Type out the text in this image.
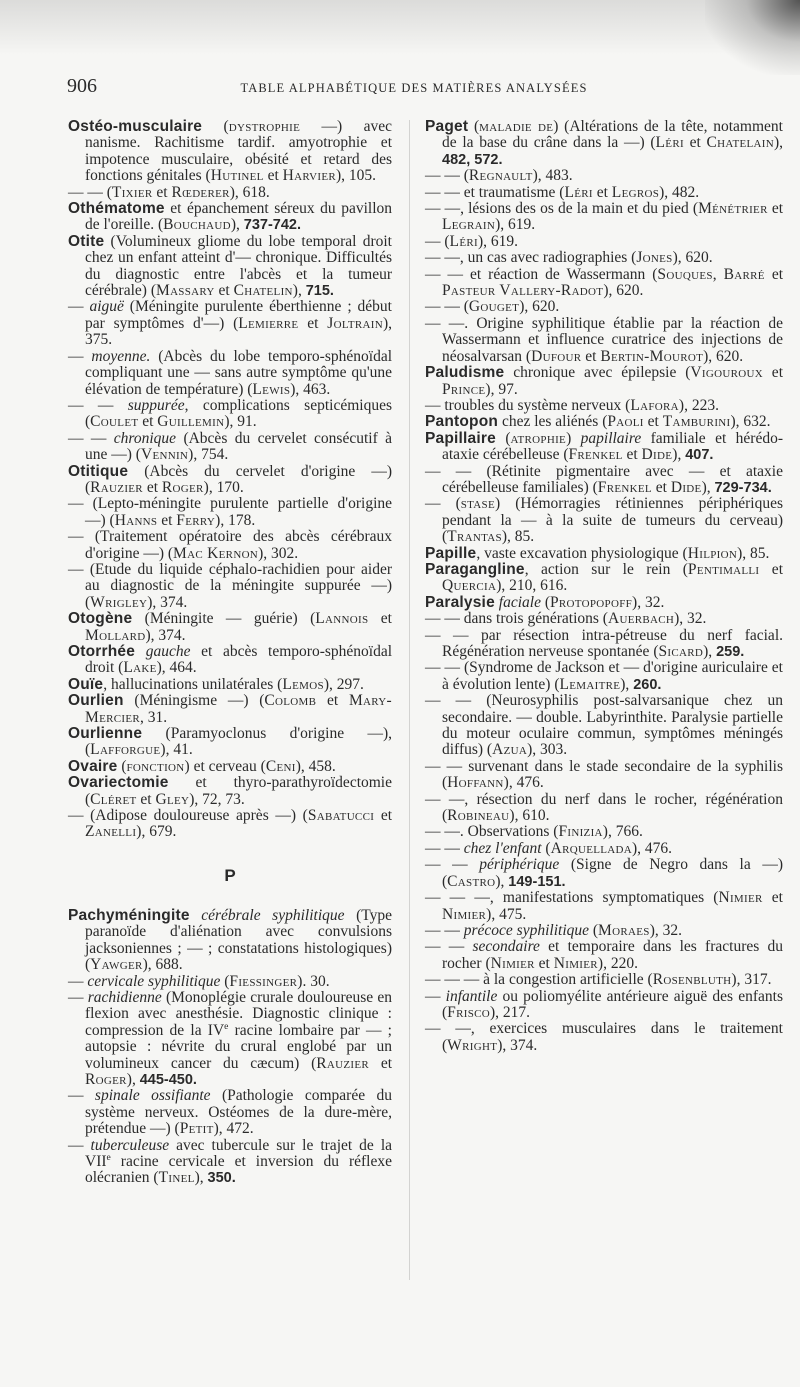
906	TABLE ALPHABÉTIQUE DES MATIÈRES ANALYSÉES
Ostéo-musculaire (dystrophie —) avec nanisme. Rachitisme tardif. amyotrophie et impotence musculaire, obésité et retard des fonctions génitales (Hutinel et Harvier), 105.
— — (Tixier et Rœderer), 618.
Othématome et épanchement séreux du pavillon de l'oreille. (Bouchaud), 737-742.
Otite (Volumineux gliome du lobe temporal droit chez un enfant atteint d'— chronique. Difficultés du diagnostic entre l'abcès et la tumeur cérébrale) (Massary et Chatelin), 715.
— aiguë (Méningite purulente éberthienne ; début par symptômes d'—) (Lemierre et Joltrain), 375.
— moyenne. (Abcès du lobe temporo-sphénoïdal compliquant une — sans autre symptôme qu'une élévation de température) (Lewis), 463.
— — suppurée, complications septicémiques (Coulet et Guillemin), 91.
— — chronique (Abcès du cervelet consécutif à une —) (Vennin), 754.
Otitique (Abcès du cervelet d'origine —) (Rauzier et Roger), 170.
— (Lepto-méningite purulente partielle d'origine —) (Hanns et Ferry), 178.
— (Traitement opératoire des abcès cérébraux d'origine —) (Mac Kernon), 302.
— (Etude du liquide céphalo-rachidien pour aider au diagnostic de la méningite suppurée —) (Wrigley), 374.
Otogène (Méningite — guérie) (Lannois et Mollard), 374.
Otorrhée gauche et abcès temporo-sphénoïdal droit (Lake), 464.
Ouïe, hallucinations unilatérales (Lemos), 297.
Ourlien (Méningisme —) (Colomb et Mary-Mercier, 31.
Ourlienne (Paramyoclonus d'origine —), (Lafforgue), 41.
Ovaire (fonction) et cerveau (Ceni), 458.
Ovariectomie et thyro-parathyroïdectomie (Cléret et Gley), 72, 73.
— (Adipose douloureuse après —) (Sabatucci et Zanelli), 679.
P
Pachyméningite cérébrale syphilitique (Type paranoïde d'aliénation avec convulsions jacksoniennes ; — ; constatations histologiques) (Yawger), 688.
— cervicale syphilitique (Fiessinger). 30.
— rachidienne (Monoplégie crurale douloureuse en flexion avec anesthésie. Diagnostic clinique : compression de la IVe racine lombaire par — ; autopsie : névrite du crural englobé par un volumineux cancer du cæcum) (Rauzier et Roger), 445-450.
— spinale ossifiante (Pathologie comparée du système nerveux. Ostéomes de la dure-mère, prétendue —) (Petit), 472.
— tuberculeuse avec tubercule sur le trajet de la VIIe racine cervicale et inversion du réflexe olécranien (Tinel), 350.
Paget (maladie de) (Altérations de la tête, notamment de la base du crâne dans la —) (Léri et Chatelain), 482, 572.
— — (Regnault), 483.
— — et traumatisme (Léri et Legros), 482.
— —, lésions des os de la main et du pied (Ménétrier et Legrain), 619.
— (Léri), 619.
— —, un cas avec radiographies (Jones), 620.
— — et réaction de Wassermann (Souques, Barré et Pasteur Vallery-Radot), 620.
— — (Gouget), 620.
— —. Origine syphilitique établie par la réaction de Wassermann et influence curatrice des injections de néosalvarsan (Dufour et Bertin-Mourot), 620.
Paludisme chronique avec épilepsie (Vigouroux et Prince), 97.
— troubles du système nerveux (Lafora), 223.
Pantopon chez les aliénés (Paoli et Tamburini), 632.
Papillaire (atrophie) papillaire familiale et hérédo-ataxie cérébelleuse (Frenkel et Dide), 407.
— — (Rétinite pigmentaire avec — et ataxie cérébelleuse familiales) (Frenkel et Dide), 729-734.
— (stase) (Hémorragies rétiniennes périphériques pendant la — à la suite de tumeurs du cerveau) (Trantas), 85.
Papille, vaste excavation physiologique (Hilpion), 85.
Paragangline, action sur le rein (Pentimalli et Quercia), 210, 616.
Paralysie faciale (Protopopoff), 32.
— — dans trois générations (Auerbach), 32.
— — par résection intra-pétreuse du nerf facial. Régénération nerveuse spontanée (Sicard), 259.
— — (Syndrome de Jackson et — d'origine auriculaire et à évolution lente) (Lemaitre), 260.
— — (Neurosyphilis post-salvarsanique chez un secondaire. — double. Labyrinthite. Paralysie partielle du moteur oculaire commun, symptômes méningés diffus) (Azua), 303.
— — survenant dans le stade secondaire de la syphilis (Hoffann), 476.
— —, résection du nerf dans le rocher, régénération (Robineau), 610.
— —. Observations (Finizia), 766.
— — chez l'enfant (Arquellada), 476.
— — périphérique (Signe de Negro dans la —) (Castro), 149-151.
— — —, manifestations symptomatiques (Nimier et Nimier), 475.
— — précoce syphilitique (Moraes), 32.
— — secondaire et temporaire dans les fractures du rocher (Nimier et Nimier), 220.
— — — à la congestion artificielle (Rosenbluth), 317.
— infantile ou poliomyélite antérieure aiguë des enfants (Frisco), 217.
— —, exercices musculaires dans le traitement (Wright), 374.
